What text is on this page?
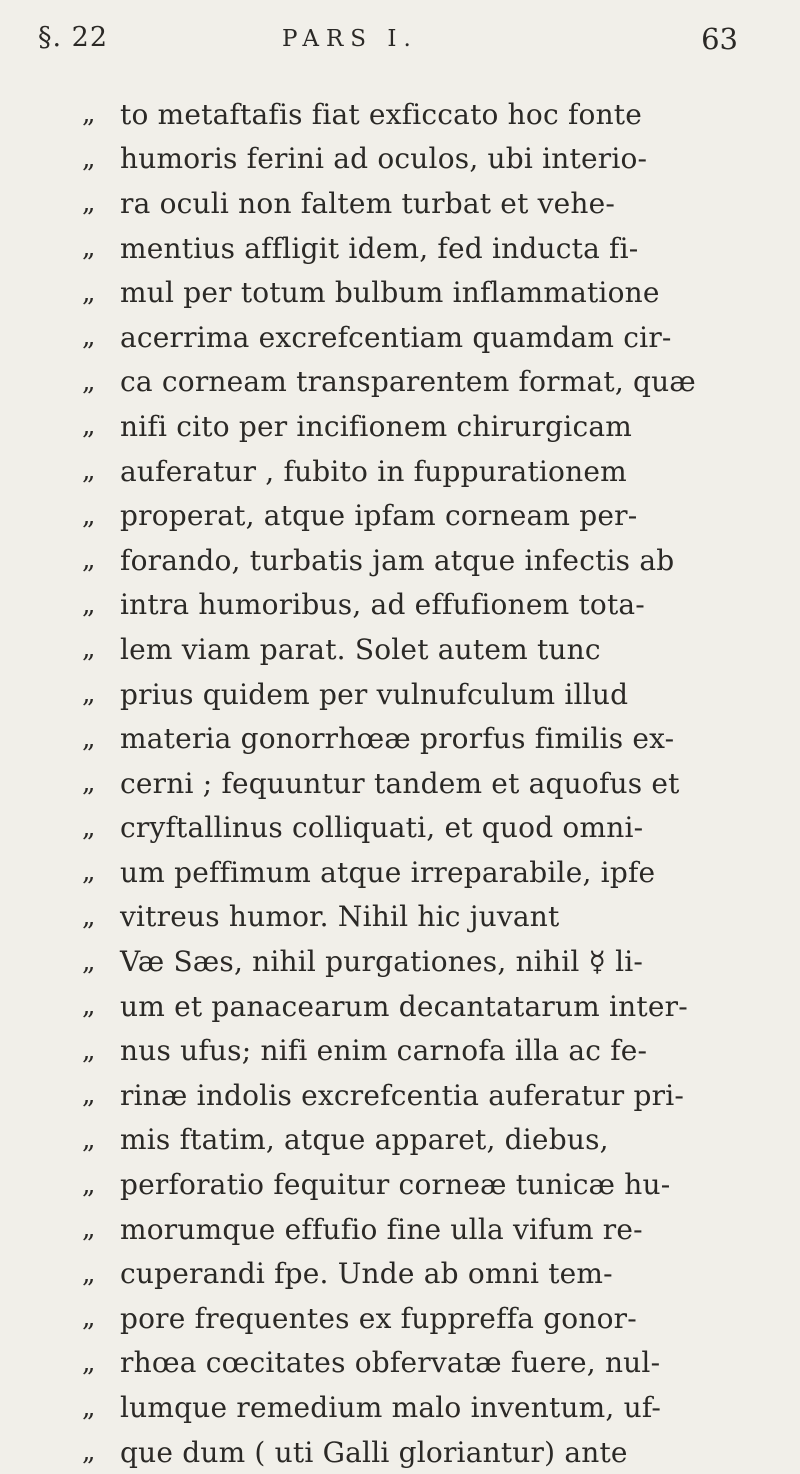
§. 22	PARS I.	63
„ to metaftafis fiat exficcato hoc fonte
„ humoris ferini ad oculos, ubi interio-
„ ra oculi non faltem turbat et vehe-
„ mentius affligit idem, fed inducta fi-
„ mul per totum bulbum inflammatione
„ acerrima excrefcentiam quamdam cir-
„ ca corneam transparentem format, quæ
„ nifi cito per incifionem chirurgicam
„ auferatur , fubito in fuppurationem
„ properat, atque ipfam corneam per-
„ forando, turbatis jam atque infectis ab
„ intra humoribus, ad effufionem tota-
„ lem viam parat. Solet autem tunc
„ prius quidem per vulnufculum illud
„ materia gonorrhœæ prorfus fimilis ex-
„ cerni ; fequuntur tandem et aquofus et
„ cryftallinus colliquati, et quod omni-
„ um peffimum atque irreparabile, ipfe
„ vitreus humor. Nihil hic juvant
„ Væ Sæs, nihil purgationes, nihil ☿ li-
„ um et panacearum decantatarum inter-
„ nus ufus; nifi enim carnofa illa ac fe-
„ rinæ indolis excrefcentia auferatur pri-
„ mis ftatim, atque apparet, diebus,
„ perforatio fequitur corneæ tunicæ hu-
„ morumque effufio fine ulla vifum re-
„ cuperandi fpe. Unde ab omni tem-
„ pore frequentes ex fuppreffa gonor-
„ rhœa cœcitates obfervatæ fuere, nul-
„ lumque remedium malo inventum, uf-
„ que dum ( uti Galli gloriantur) ante
